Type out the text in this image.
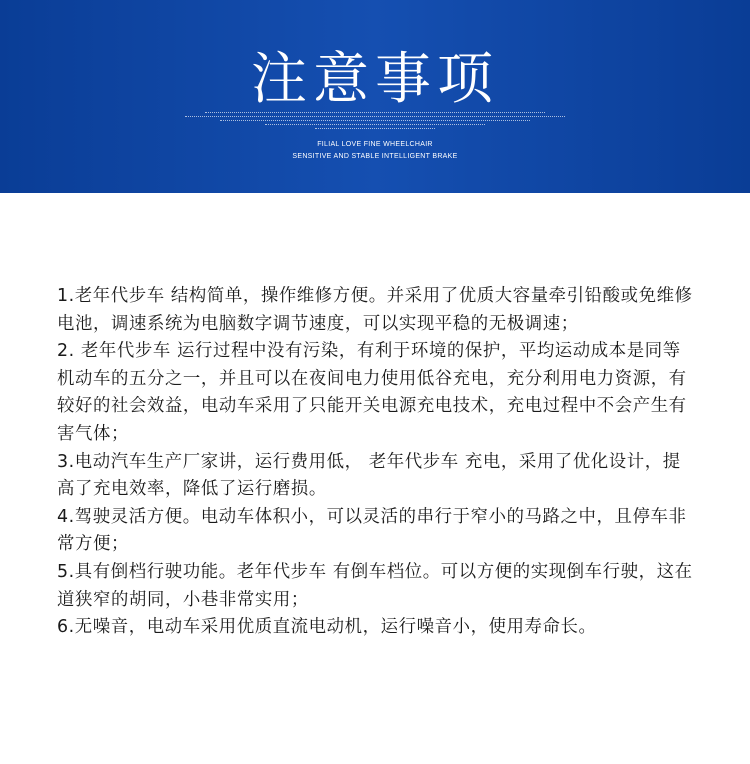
注意事项
FILIAL LOVE FINE WHEELCHAIR
SENSITIVE AND STABLE INTELLIGENT BRAKE

1.老年代步车 结构简单，操作维修方便。并采用了优质大容量牵引铅酸或免维修电池，调速系统为电脑数字调节速度，可以实现平稳的无极调速；

2. 老年代步车 运行过程中没有污染，有利于环境的保护，平均运动成本是同等机动车的五分之一，并且可以在夜间电力使用低谷充电，充分利用电力资源，有较好的社会效益，电动车采用了只能开关电源充电技术，充电过程中不会产生有害气体；

3.电动汽车生产厂家讲，运行费用低， 老年代步车 充电，采用了优化设计，提高了充电效率，降低了运行磨损。

4.驾驶灵活方便。电动车体积小，可以灵活的串行于窄小的马路之中，且停车非常方便；

5.具有倒档行驶功能。老年代步车 有倒车档位。可以方便的实现倒车行驶，这在道狭窄的胡同，小巷非常实用；

6.无噪音，电动车采用优质直流电动机，运行噪音小，使用寿命长。
